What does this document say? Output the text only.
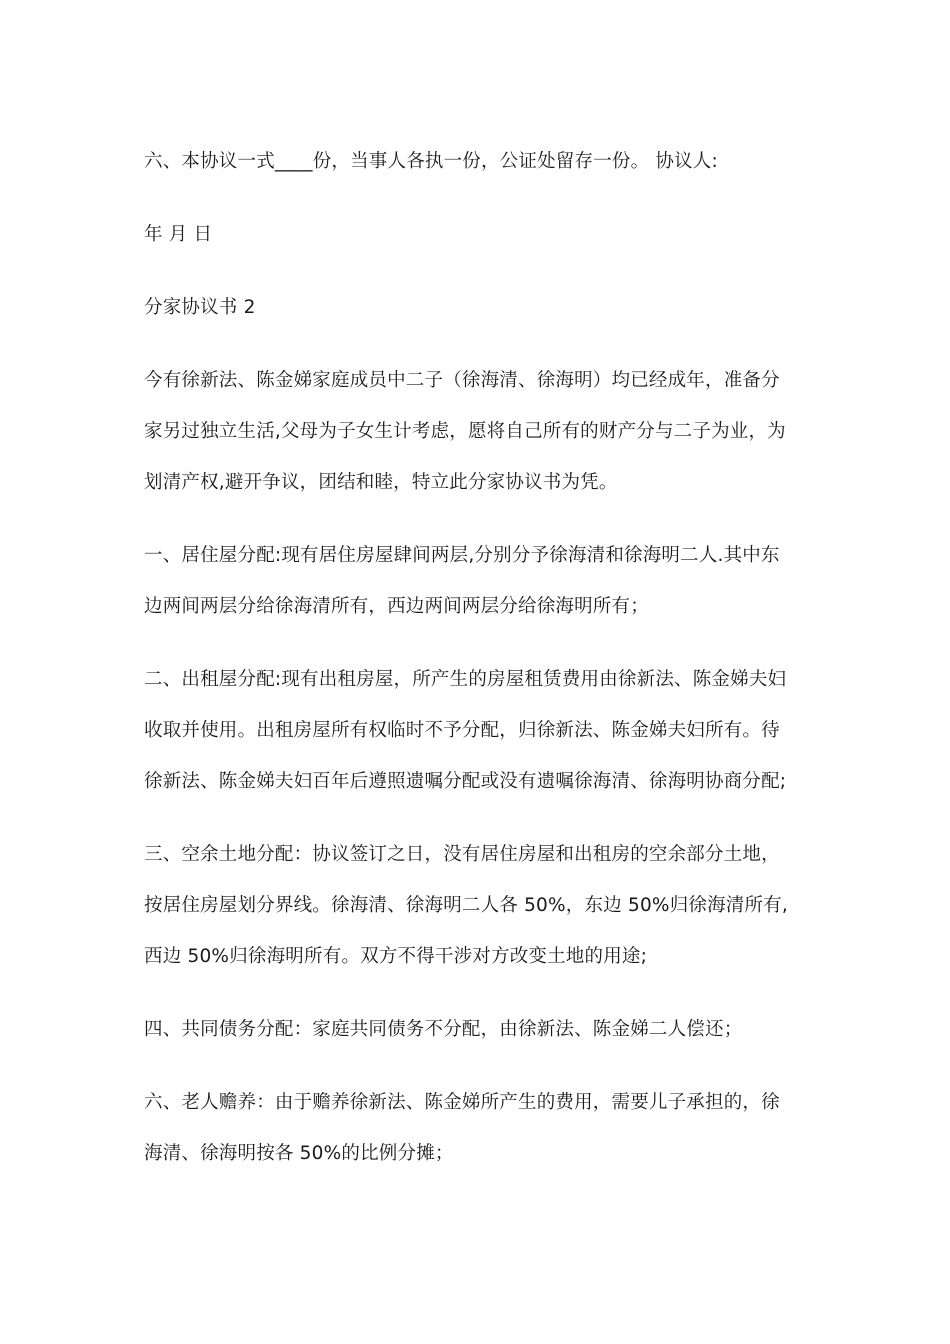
六、本协议一式____份，当事人各执一份，公证处留存一份。 协议人:

年 月 日

分家协议书 2

今有徐新法、陈金娣家庭成员中二子（徐海清、徐海明）均已经成年，准备分
家另过独立生活,父母为子女生计考虑，愿将自己所有的财产分与二子为业，为
划清产权,避开争议，团结和睦，特立此分家协议书为凭。

一、居住屋分配:现有居住房屋肆间两层,分别分予徐海清和徐海明二人.其中东
边两间两层分给徐海清所有，西边两间两层分给徐海明所有；

二、出租屋分配:现有出租房屋，所产生的房屋租赁费用由徐新法、陈金娣夫妇
收取并使用。出租房屋所有权临时不予分配，归徐新法、陈金娣夫妇所有。待
徐新法、陈金娣夫妇百年后遵照遗嘱分配或没有遗嘱徐海清、徐海明协商分配;

三、空余土地分配：协议签订之日，没有居住房屋和出租房的空余部分土地，
按居住房屋划分界线。徐海清、徐海明二人各 50%，东边 50%归徐海清所有,
西边 50%归徐海明所有。双方不得干涉对方改变土地的用途;

四、共同债务分配：家庭共同债务不分配，由徐新法、陈金娣二人偿还；

六、老人赡养：由于赡养徐新法、陈金娣所产生的费用，需要儿子承担的，徐
海清、徐海明按各 50%的比例分摊；
